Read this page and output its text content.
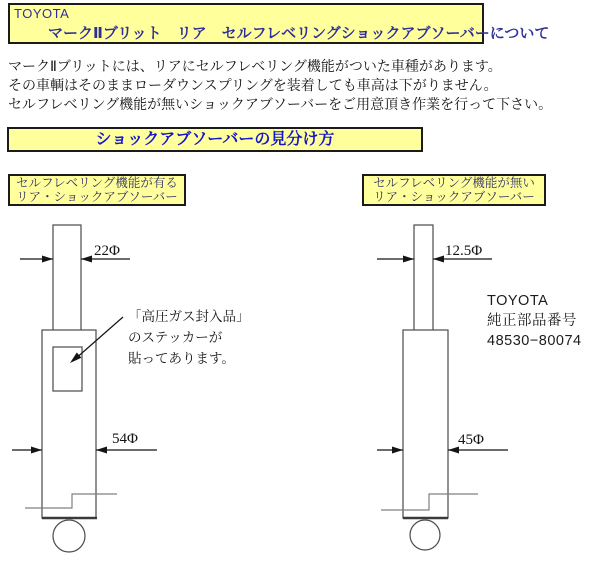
TOYOTA
マークⅡブリット　リア　セルフレベリングショックアブソーバーについて
マークⅡブリットには、リアにセルフレベリング機能がついた車種があります。
その車輌はそのままローダウンスプリングを装着しても車高は下がりません。
セルフレベリング機能が無いショックアブソーバーをご用意頂き作業を行って下さい。
ショックアブソーバーの見分け方
セルフレベリング機能が有る
リア・ショックアブソーバー
セルフレベリング機能が無い
リア・ショックアブソーバー
22Φ
54Φ
12.5Φ
45Φ
「高圧ガス封入品」
のステッカーが
貼ってあります。
TOYOTA
純正部品番号
48530−80074
